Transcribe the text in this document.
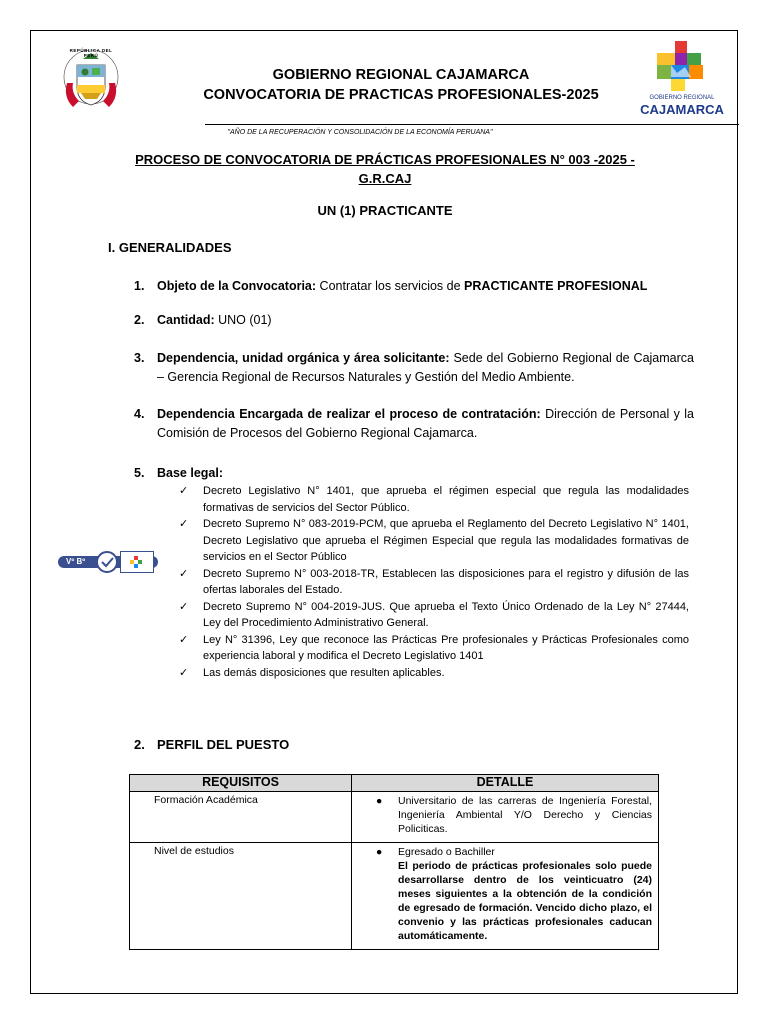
REPÚBLICA DEL PERÚ
GOBIERNO REGIONAL CAJAMARCA
CONVOCATORIA DE PRACTICAS PROFESIONALES-2025	GOBIERNO REGIONAL
CAJAMARCA
"AÑO DE LA RECUPERACIÓN Y CONSOLIDACIÓN DE LA ECONOMÍA PERUANA"
PROCESO DE CONVOCATORIA DE PRÁCTICAS PROFESIONALES N° 003 -2025 -
G.R.CAJ
UN (1) PRACTICANTE
I. GENERALIDADES
1. Objeto de la Convocatoria: Contratar los servicios de PRACTICANTE PROFESIONAL
2. Cantidad: UNO (01)
3. Dependencia, unidad orgánica y área solicitante: Sede del Gobierno Regional de Cajamarca – Gerencia Regional de Recursos Naturales y Gestión del Medio Ambiente.
4. Dependencia Encargada de realizar el proceso de contratación: Dirección de Personal y la Comisión de Procesos del Gobierno Regional Cajamarca.
5. Base legal:
✓ Decreto Legislativo N° 1401, que aprueba el régimen especial que regula las modalidades formativas de servicios del Sector Público.
✓ Decreto Supremo N° 083-2019-PCM, que aprueba el Reglamento del Decreto Legislativo N° 1401, Decreto Legislativo que aprueba el Régimen Especial que regula las modalidades formativas de servicios en el Sector Público
✓ Decreto Supremo N° 003-2018-TR, Establecen las disposiciones para el registro y difusión de las ofertas laborales del Estado.
✓ Decreto Supremo N° 004-2019-JUS. Que aprueba el Texto Único Ordenado de la Ley N° 27444, Ley del Procedimiento Administrativo General.
✓ Ley N° 31396, Ley que reconoce las Prácticas Pre profesionales y Prácticas Profesionales como experiencia laboral y modifica el Decreto Legislativo 1401
✓ Las demás disposiciones que resulten aplicables.
Vº Bº
2. PERFIL DEL PUESTO
REQUISITOS	DETALLE
Formación Académica	● Universitario de las carreras de Ingeniería Forestal, Ingeniería Ambiental Y/O Derecho y Ciencias Policiticas.

Nivel de estudios	● Egresado o Bachiller
El periodo de prácticas profesionales solo puede desarrollarse dentro de los veinticuatro (24) meses siguientes a la obtención de la condición de egresado de formación. Vencido dicho plazo, el convenio y las prácticas profesionales caducan automáticamente.
